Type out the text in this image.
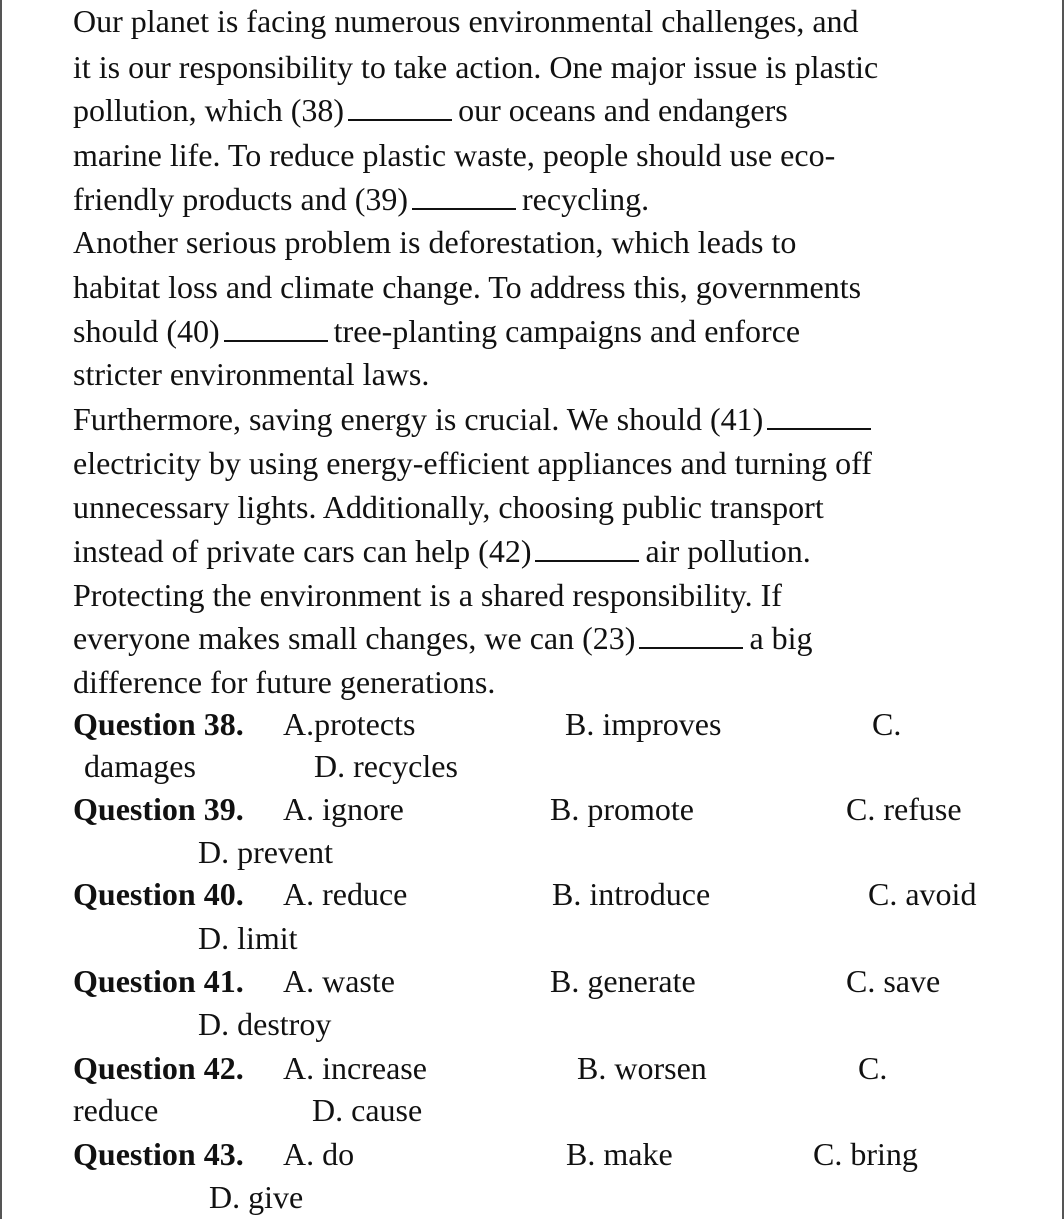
Our planet is facing numerous environmental challenges, and
it is our responsibility to take action. One major issue is plastic
pollution, which (38)	our oceans and endangers
marine life. To reduce plastic waste, people should use eco-
friendly products and (39)	recycling.
Another serious problem is deforestation, which leads to
habitat loss and climate change. To address this, governments
should (40)	tree-planting campaigns and enforce
stricter environmental laws.
Furthermore, saving energy is crucial. We should (41)
electricity by using energy-efficient appliances and turning off
unnecessary lights. Additionally, choosing public transport
instead of private cars can help (42)	air pollution.
Protecting the environment is a shared responsibility. If
everyone makes small changes, we can (23)	a big
difference for future generations.
Question 38. A.protects	B. improves	C.
damages	D. recycles
Question 39. A. ignore	B. promote	C. refuse
D. prevent
Question 40. A. reduce	B. introduce	C. avoid
D. limit
Question 41. A. waste	B. generate	C. save
D. destroy
Question 42. A. increase	B. worsen	C.
reduce	D. cause
Question 43. A. do	B. make	C. bring
D. give
